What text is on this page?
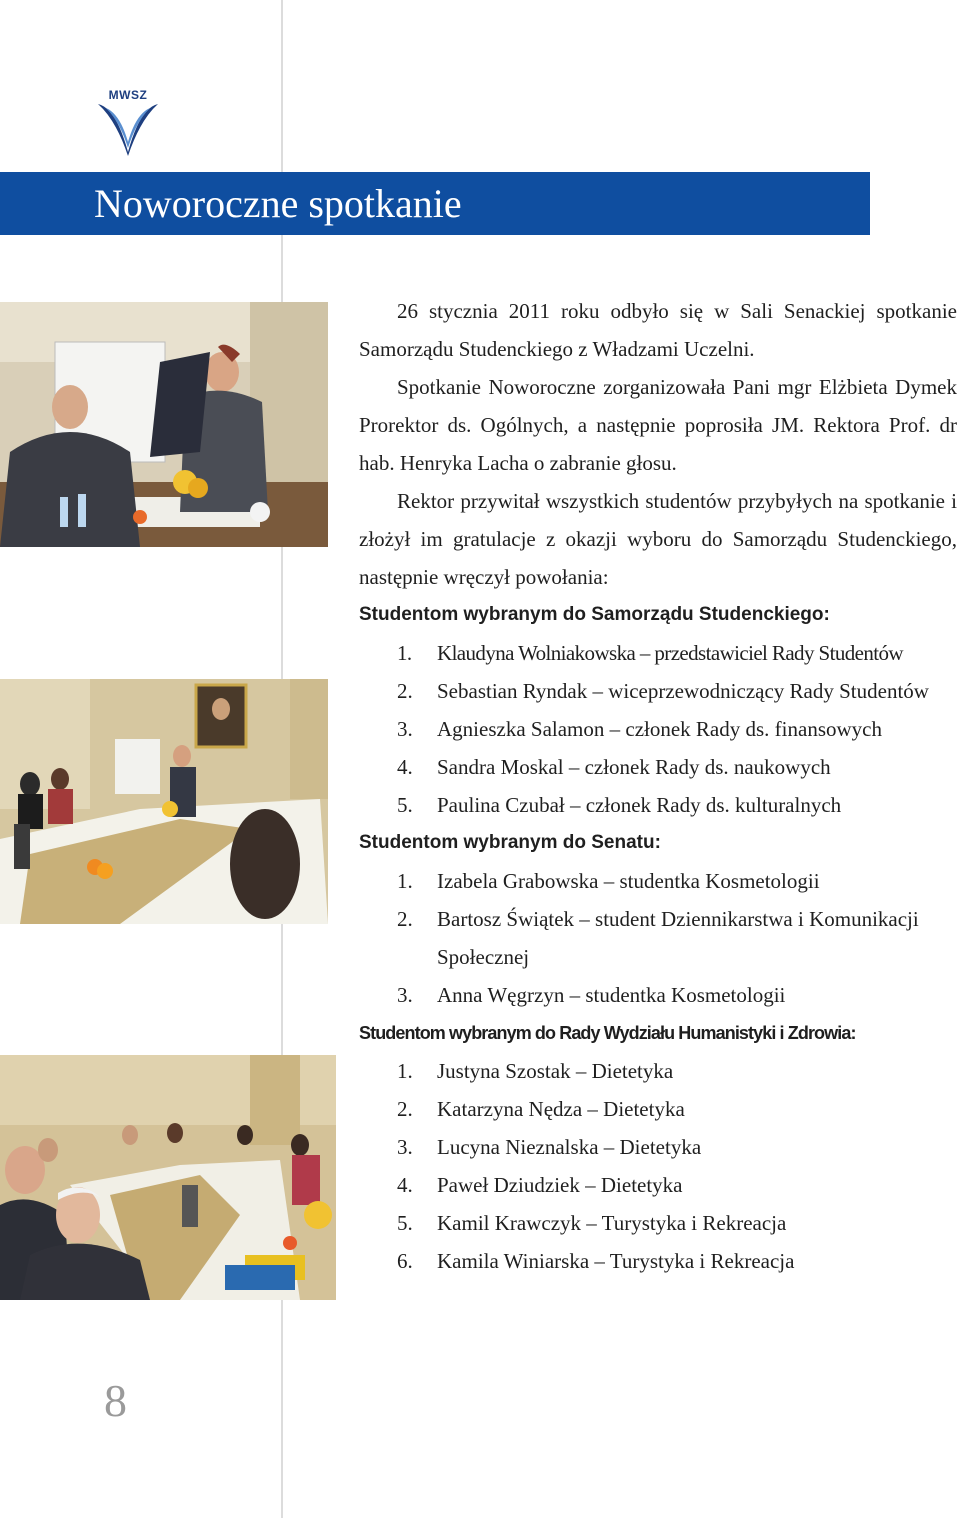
MWSZ
Noworoczne spotkanie
26 stycznia 2011 roku odbyło się w Sali Senackiej spotkanie Samorządu Studenckiego z Władzami Uczelni.
Spotkanie Noworoczne zorganizowała Pani mgr Elżbieta Dymek Prorektor ds. Ogólnych, a następnie poprosiła JM. Rektora Prof. dr hab. Henryka Lacha o zabranie głosu.
Rektor przywitał wszystkich studentów przybyłych na spotkanie i złożył im gratulacje z okazji wyboru do Samorządu Studenckiego, następnie wręczył powołania:
Studentom wybranym do Samorządu Studenckiego:
1. Klaudyna Wolniakowska – przedstawiciel Rady Studentów
2. Sebastian Ryndak – wiceprzewodniczący Rady Studentów
3. Agnieszka Salamon – członek Rady ds. finansowych
4. Sandra Moskal – członek Rady ds. naukowych
5. Paulina Czubał – członek Rady ds. kulturalnych
Studentom wybranym do Senatu:
1. Izabela Grabowska – studentka Kosmetologii
2. Bartosz Świątek – student Dziennikarstwa i Komunikacji Społecznej
3. Anna Węgrzyn – studentka Kosmetologii
Studentom wybranym do Rady Wydziału Humanistyki i Zdrowia:
1. Justyna Szostak – Dietetyka
2. Katarzyna Nędza – Dietetyka
3. Lucyna Nieznalska – Dietetyka
4. Paweł Dziudziek – Dietetyka
5. Kamil Krawczyk – Turystyka i Rekreacja
6. Kamila Winiarska – Turystyka i Rekreacja
8
